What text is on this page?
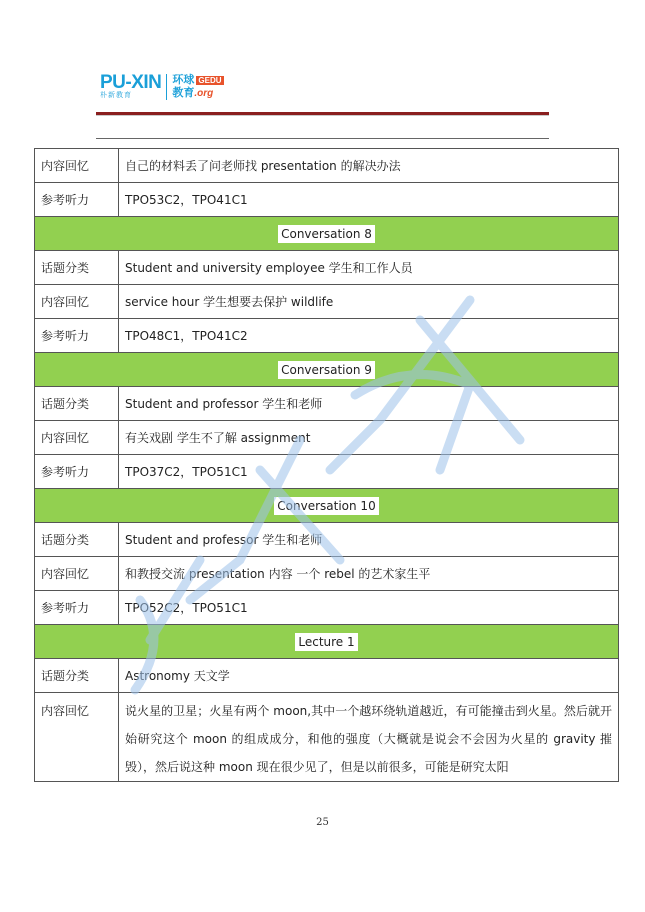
PU-XIN
朴新教育
环球 GEDU
教育.org
内容回忆	自己的材料丢了问老师找 presentation 的解决办法
参考听力	TPO53C2，TPO41C1
Conversation 8	
话题分类	Student and university employee 学生和工作人员
内容回忆	service hour 学生想要去保护 wildlife
参考听力	TPO48C1，TPO41C2
Conversation 9	
话题分类	Student and professor 学生和老师
内容回忆	有关戏剧 学生不了解 assignment
参考听力	TPO37C2，TPO51C1
Conversation 10	
话题分类	Student and professor 学生和老师
内容回忆	和教授交流 presentation 内容 一个 rebel 的艺术家生平
参考听力	TPO52C2，TPO51C1
Lecture 1	
话题分类	Astronomy 天文学
内容回忆	说火星的卫星；火星有两个 moon,其中一个越环绕轨道越近，有可能撞击到火星。然后就开始研究这个 moon 的组成成分，和他的强度（大概就是说会不会因为火星的 gravity 摧毁），然后说这种 moon 现在很少见了，但是以前很多，可能是研究太阳
25
